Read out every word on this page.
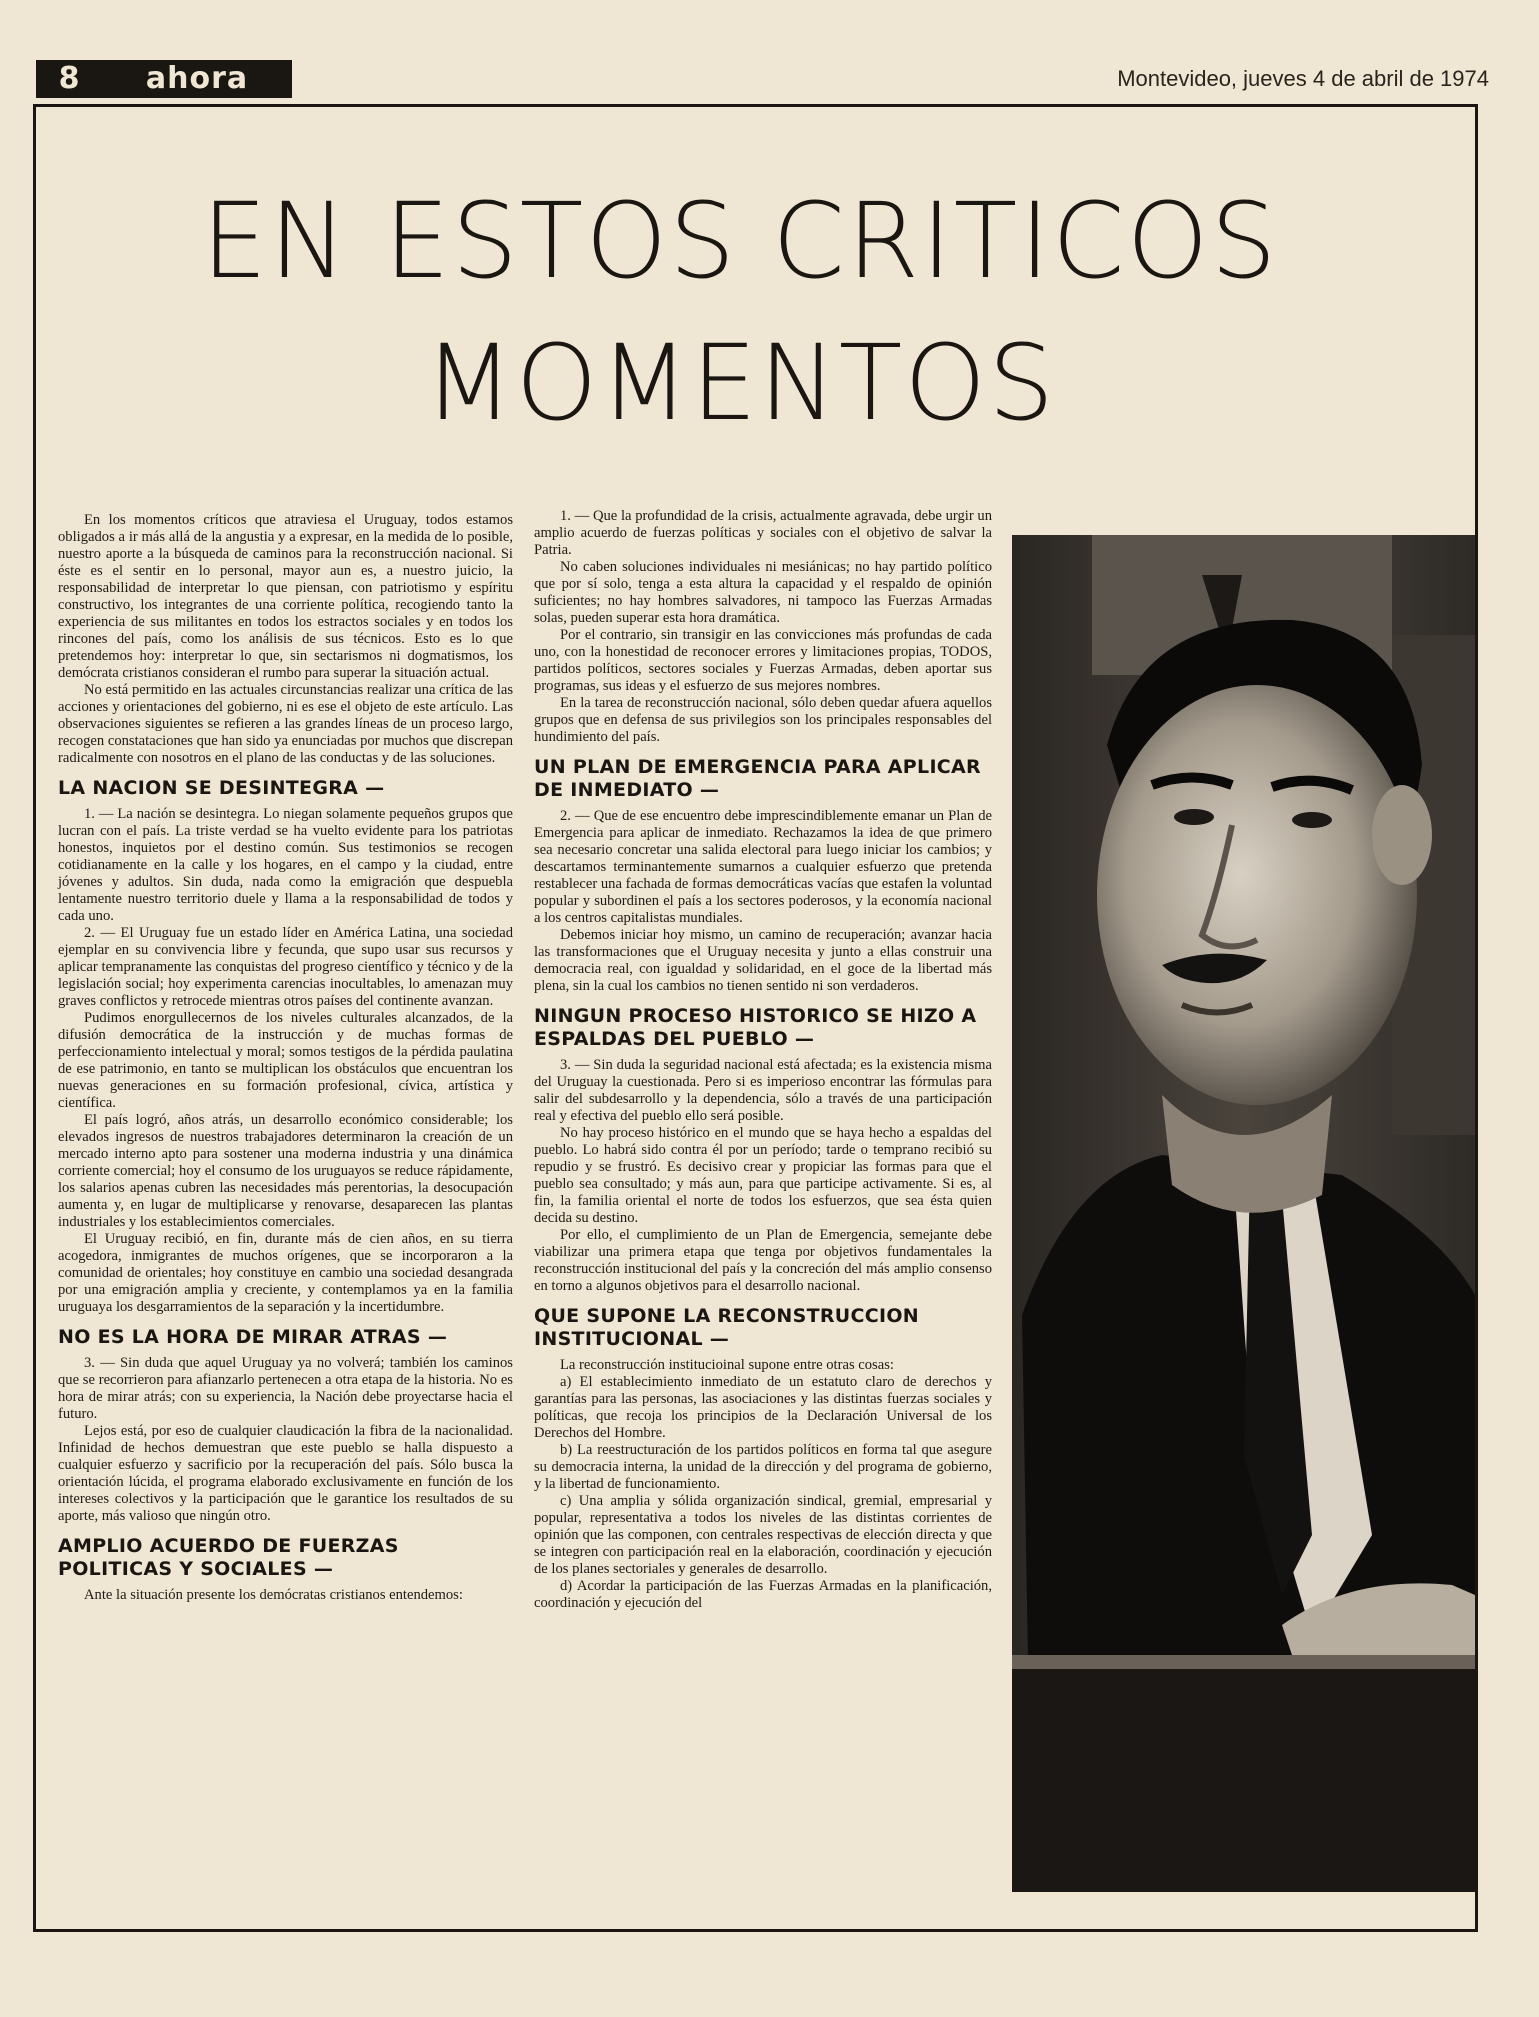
8	ahora	Montevideo, jueves 4 de abril de 1974
EN ESTOS CRITICOS
MOMENTOS

En los momentos críticos que atraviesa el Uruguay, todos estamos obligados a ir más allá de la angustia y a expresar, en la medida de lo posible, nuestro aporte a la búsqueda de caminos para la reconstrucción nacional. Si éste es el sentir en lo personal, mayor aun es, a nuestro juicio, la responsabilidad de interpretar lo que piensan, con patriotismo y espíritu constructivo, los integrantes de una corriente política, recogiendo tanto la experiencia de sus militantes en todos los estractos sociales y en todos los rincones del país, como los análisis de sus técnicos. Esto es lo que pretendemos hoy: interpretar lo que, sin sectarismos ni dogmatismos, los demócrata cristianos consideran el rumbo para superar la situación actual.

No está permitido en las actuales circunstancias realizar una crítica de las acciones y orientaciones del gobierno, ni es ese el objeto de este artículo. Las observaciones siguientes se refieren a las grandes líneas de un proceso largo, recogen constataciones que han sido ya enunciadas por muchos que discrepan radicalmente con nosotros en el plano de las conductas y de las soluciones.

LA NACION SE DESINTEGRA —

1. — La nación se desintegra. Lo niegan solamente pequeños grupos que lucran con el país. La triste verdad se ha vuelto evidente para los patriotas honestos, inquietos por el destino común. Sus testimonios se recogen cotidianamente en la calle y los hogares, en el campo y la ciudad, entre jóvenes y adultos. Sin duda, nada como la emigración que despuebla lentamente nuestro territorio duele y llama a la responsabilidad de todos y cada uno.

2. — El Uruguay fue un estado líder en América Latina, una sociedad ejemplar en su convivencia libre y fecunda, que supo usar sus recursos y aplicar tempranamente las conquistas del progreso científico y técnico y de la legislación social; hoy experimenta carencias inocultables, lo amenazan muy graves conflictos y retrocede mientras otros países del continente avanzan.

Pudimos enorgullecernos de los niveles culturales alcanzados, de la difusión democrática de la instrucción y de muchas formas de perfeccionamiento intelectual y moral; somos testigos de la pérdida paulatina de ese patrimonio, en tanto se multiplican los obstáculos que encuentran los nuevas generaciones en su formación profesional, cívica, artística y científica.

El país logró, años atrás, un desarrollo económico considerable; los elevados ingresos de nuestros trabajadores determinaron la creación de un mercado interno apto para sostener una moderna industria y una dinámica corriente comercial; hoy el consumo de los uruguayos se reduce rápidamente, los salarios apenas cubren las necesidades más perentorias, la desocupación aumenta y, en lugar de multiplicarse y renovarse, desaparecen las plantas industriales y los establecimientos comerciales.

El Uruguay recibió, en fin, durante más de cien años, en su tierra acogedora, inmigrantes de muchos orígenes, que se incorporaron a la comunidad de orientales; hoy constituye en cambio una sociedad desangrada por una emigración amplia y creciente, y contemplamos ya en la familia uruguaya los desgarramientos de la separación y la incertidumbre.

NO ES LA HORA DE MIRAR ATRAS —

3. — Sin duda que aquel Uruguay ya no volverá; también los caminos que se recorrieron para afianzarlo pertenecen a otra etapa de la historia. No es hora de mirar atrás; con su experiencia, la Nación debe proyectarse hacia el futuro.

Lejos está, por eso de cualquier claudicación la fibra de la nacionalidad. Infinidad de hechos demuestran que este pueblo se halla dispuesto a cualquier esfuerzo y sacrificio por la recuperación del país. Sólo busca la orientación lúcida, el programa elaborado exclusivamente en función de los intereses colectivos y la participación que le garantice los resultados de su aporte, más valioso que ningún otro.

AMPLIO ACUERDO DE FUERZAS POLITICAS Y SOCIALES —

Ante la situación presente los demócratas cristianos entendemos:

1. — Que la profundidad de la crisis, actualmente agravada, debe urgir un amplio acuerdo de fuerzas políticas y sociales con el objetivo de salvar la Patria.

No caben soluciones individuales ni mesiánicas; no hay partido político que por sí solo, tenga a esta altura la capacidad y el respaldo de opinión suficientes; no hay hombres salvadores, ni tampoco las Fuerzas Armadas solas, pueden superar esta hora dramática.

Por el contrario, sin transigir en las convicciones más profundas de cada uno, con la honestidad de reconocer errores y limitaciones propias, TODOS, partidos políticos, sectores sociales y Fuerzas Armadas, deben aportar sus programas, sus ideas y el esfuerzo de sus mejores nombres.

En la tarea de reconstrucción nacional, sólo deben quedar afuera aquellos grupos que en defensa de sus privilegios son los principales responsables del hundimiento del país.

UN PLAN DE EMERGENCIA PARA APLICAR DE INMEDIATO —

2. — Que de ese encuentro debe imprescindiblemente emanar un Plan de Emergencia para aplicar de inmediato. Rechazamos la idea de que primero sea necesario concretar una salida electoral para luego iniciar los cambios; y descartamos terminantemente sumarnos a cualquier esfuerzo que pretenda restablecer una fachada de formas democráticas vacías que estafen la voluntad popular y subordinen el país a los sectores poderosos, y la economía nacional a los centros capitalistas mundiales.

Debemos iniciar hoy mismo, un camino de recuperación; avanzar hacia las transformaciones que el Uruguay necesita y junto a ellas construir una democracia real, con igualdad y solidaridad, en el goce de la libertad más plena, sin la cual los cambios no tienen sentido ni son verdaderos.

NINGUN PROCESO HISTORICO SE HIZO A ESPALDAS DEL PUEBLO —

3. — Sin duda la seguridad nacional está afectada; es la existencia misma del Uruguay la cuestionada. Pero si es imperioso encontrar las fórmulas para salir del subdesarrollo y la dependencia, sólo a través de una participación real y efectiva del pueblo ello será posible.

No hay proceso histórico en el mundo que se haya hecho a espaldas del pueblo. Lo habrá sido contra él por un período; tarde o temprano recibió su repudio y se frustró. Es decisivo crear y propiciar las formas para que el pueblo sea consultado; y más aun, para que participe activamente. Si es, al fin, la familia oriental el norte de todos los esfuerzos, que sea ésta quien decida su destino.

Por ello, el cumplimiento de un Plan de Emergencia, semejante debe viabilizar una primera etapa que tenga por objetivos fundamentales la reconstrucción institucional del país y la concreción del más amplio consenso en torno a algunos objetivos para el desarrollo nacional.

QUE SUPONE LA RECONSTRUCCION INSTITUCIONAL —

La reconstrucción institucioinal supone entre otras cosas:

a) El establecimiento inmediato de un estatuto claro de derechos y garantías para las personas, las asociaciones y las distintas fuerzas sociales y políticas, que recoja los principios de la Declaración Universal de los Derechos del Hombre.

b) La reestructuración de los partidos políticos en forma tal que asegure su democracia interna, la unidad de la dirección y del programa de gobierno, y la libertad de funcionamiento.

c) Una amplia y sólida organización sindical, gremial, empresarial y popular, representativa a todos los niveles de las distintas corrientes de opinión que las componen, con centrales respectivas de elección directa y que se integren con participación real en la elaboración, coordinación y ejecución de los planes sectoriales y generales de desarrollo.

d) Acordar la participación de las Fuerzas Armadas en la planificación, coordinación y ejecución del
